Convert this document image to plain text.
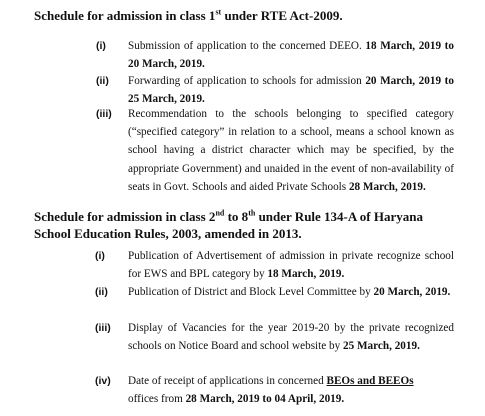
Schedule for admission in class 1st under RTE Act-2009.
(i) Submission of application to the concerned DEEO. 18 March, 2019 to 20 March, 2019.
(ii) Forwarding of application to schools for admission 20 March, 2019 to 25 March, 2019.
(iii) Recommendation to the schools belonging to specified category (“specified category” in relation to a school, means a school known as school having a district character which may be specified, by the appropriate Government) and unaided in the event of non-availability of seats in Govt. Schools and aided Private Schools 28 March, 2019.
Schedule for admission in class 2nd to 8th under Rule 134-A of Haryana
School Education Rules, 2003, amended in 2013.
(i) Publication of Advertisement of admission in private recognize school for EWS and BPL category by 18 March, 2019.
(ii) Publication of District and Block Level Committee by 20 March, 2019.
(iii) Display of Vacancies for the year 2019-20 by the private recognized schools on Notice Board and school website by 25 March, 2019.
(iv) Date of receipt of applications in concerned BEOs and BEEOs
offices from 28 March, 2019 to 04 April, 2019.
